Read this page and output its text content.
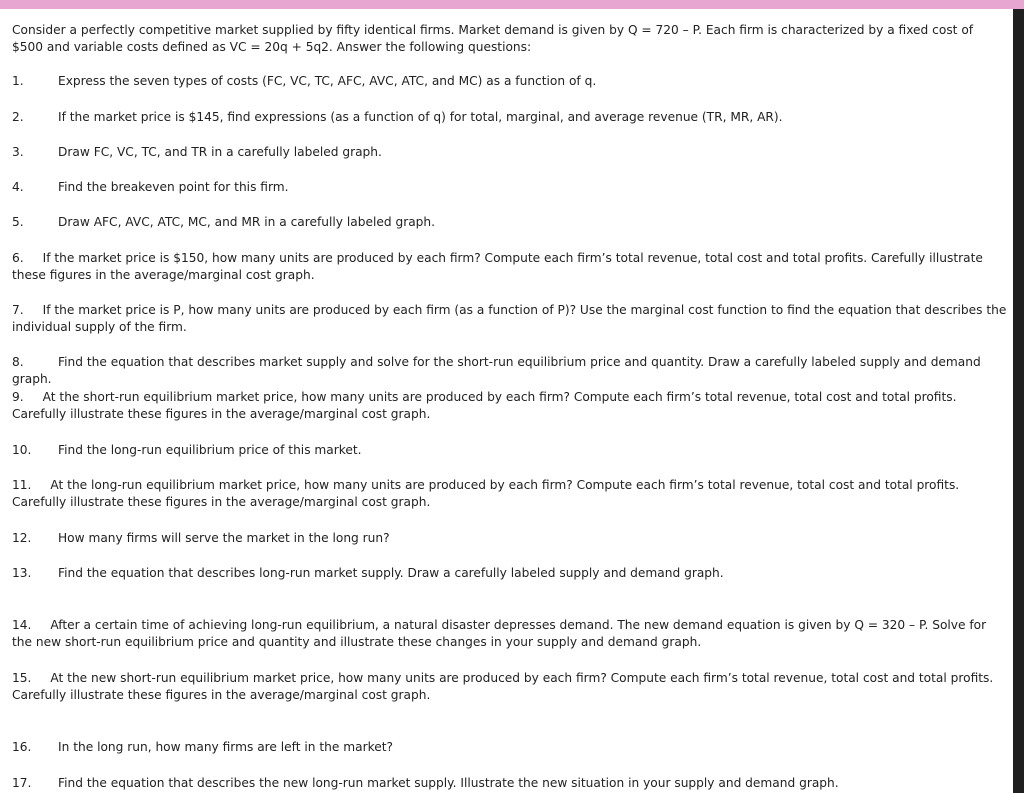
Consider a perfectly competitive market supplied by fifty identical firms. Market demand is given by Q = 720 – P. Each firm is characterized by a fixed cost of $500 and variable costs defined as VC = 20q + 5q2. Answer the following questions:
1.	Express the seven types of costs (FC, VC, TC, AFC, AVC, ATC, and MC) as a function of q.
2.	If the market price is $145, find expressions (as a function of q) for total, marginal, and average revenue (TR, MR, AR).
3.	Draw FC, VC, TC, and TR in a carefully labeled graph.
4.	Find the breakeven point for this firm.
5.	Draw AFC, AVC, ATC, MC, and MR in a carefully labeled graph.
6. If the market price is $150, how many units are produced by each firm? Compute each firm’s total revenue, total cost and total profits. Carefully illustrate these figures in the average/marginal cost graph.
7. If the market price is P, how many units are produced by each firm (as a function of P)? Use the marginal cost function to find the equation that describes the individual supply of the firm.
8.	Find the equation that describes market supply and solve for the short-run equilibrium price and quantity. Draw a carefully labeled supply and demand graph.
9. At the short-run equilibrium market price, how many units are produced by each firm? Compute each firm’s total revenue, total cost and total profits. Carefully illustrate these figures in the average/marginal cost graph.
10. Find the long-run equilibrium price of this market.
11. At the long-run equilibrium market price, how many units are produced by each firm? Compute each firm’s total revenue, total cost and total profits. Carefully illustrate these figures in the average/marginal cost graph.
12. How many firms will serve the market in the long run?
13. Find the equation that describes long-run market supply. Draw a carefully labeled supply and demand graph.
14. After a certain time of achieving long-run equilibrium, a natural disaster depresses demand. The new demand equation is given by Q = 320 – P. Solve for the new short-run equilibrium price and quantity and illustrate these changes in your supply and demand graph.
15. At the new short-run equilibrium market price, how many units are produced by each firm? Compute each firm’s total revenue, total cost and total profits. Carefully illustrate these figures in the average/marginal cost graph.
16. In the long run, how many firms are left in the market?
17. Find the equation that describes the new long-run market supply. Illustrate the new situation in your supply and demand graph.
